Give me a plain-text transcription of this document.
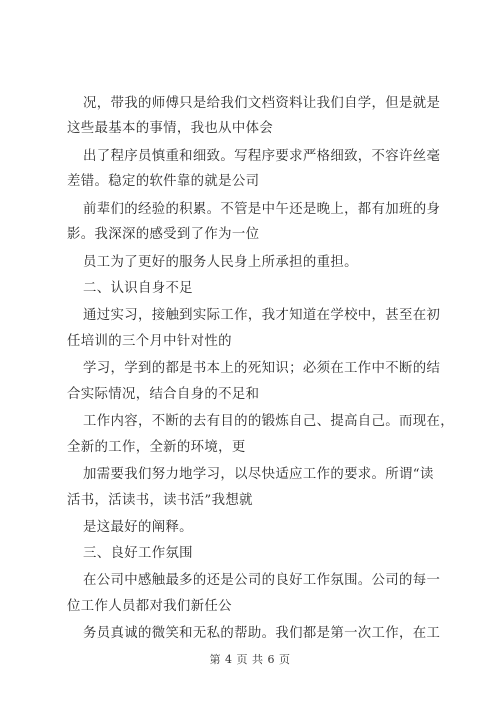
况，带我的师傅只是给我们文档资料让我们自学，但是就是
这些最基本的事情，我也从中体会
出了程序员慎重和细致。写程序要求严格细致，不容许丝毫
差错。稳定的软件靠的就是公司
前辈们的经验的积累。不管是中午还是晚上，都有加班的身
影。我深深的感受到了作为一位
员工为了更好的服务人民身上所承担的重担。
二、认识自身不足
通过实习，接触到实际工作，我才知道在学校中，甚至在初
任培训的三个月中针对性的
学习，学到的都是书本上的死知识；必须在工作中不断的结
合实际情况，结合自身的不足和
工作内容，不断的去有目的的锻炼自己、提高自己。而现在，
全新的工作，全新的环境，更
加需要我们努力地学习，以尽快适应工作的要求。所谓“读
活书，活读书，读书活”我想就
是这最好的阐释。
三、良好工作氛围
在公司中感触最多的还是公司的良好工作氛围。公司的每一
位工作人员都对我们新任公
务员真诚的微笑和无私的帮助。我们都是第一次工作，在工
第 4 页 共 6 页
